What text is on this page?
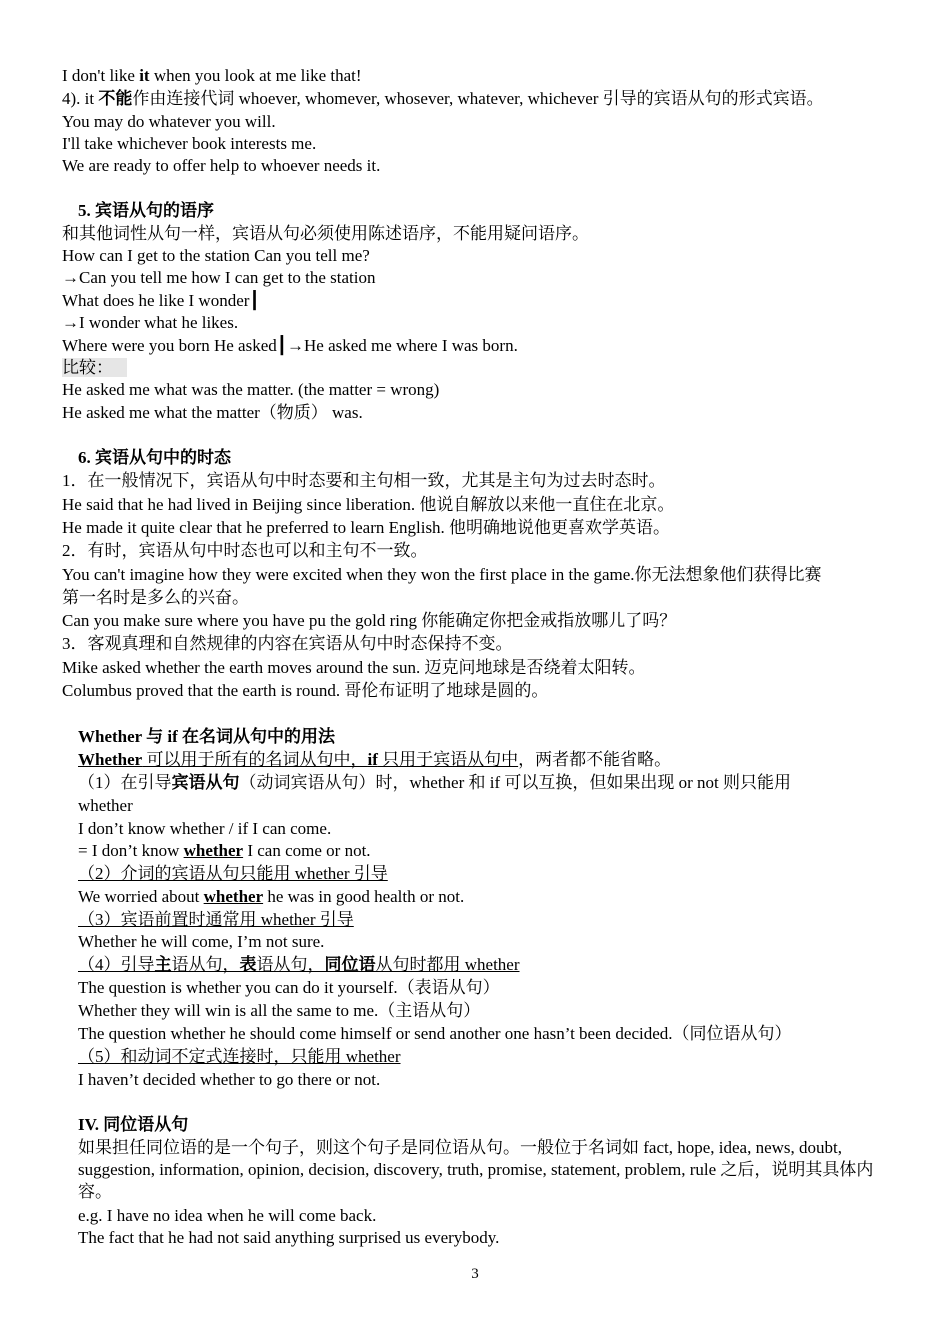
I don't like it when you look at me like that!
4). it 不能作由连接代词 whoever, whomever, whosever, whatever, whichever 引导的宾语从句的形式宾语。
You may do whatever you will.
I'll take whichever book interests me.
We are ready to offer help to whoever needs it.
5. 宾语从句的语序
和其他词性从句一样，宾语从句必须使用陈述语序，不能用疑问语序。
How can I get to the station Can you tell me?
→Can you tell me how I can get to the station
What does he like I wonder┃
→I wonder what he likes.
Where were you born He asked┃→He asked me where I was born.
比较：
He asked me what was the matter. (the matter = wrong)
He asked me what the matter（物质） was.
6. 宾语从句中的时态
1．在一般情况下，宾语从句中时态要和主句相一致，尤其是主句为过去时态时。
He said that he had lived in Beijing since liberation. 他说自解放以来他一直住在北京。
He made it quite clear that he preferred to learn English. 他明确地说他更喜欢学英语。
2．有时，宾语从句中时态也可以和主句不一致。
You can't imagine how they were excited when they won the first place in the game.你无法想象他们获得比赛
第一名时是多么的兴奋。
Can you make sure where you have pu the gold ring 你能确定你把金戒指放哪儿了吗？
3．客观真理和自然规律的内容在宾语从句中时态保持不变。
Mike asked whether the earth moves around the sun. 迈克问地球是否绕着太阳转。
Columbus proved that the earth is round. 哥伦布证明了地球是圆的。
Whether 与 if 在名词从句中的用法
Whether 可以用于所有的名词从句中，if 只用于宾语从句中，两者都不能省略。
（1）在引导宾语从句（动词宾语从句）时，whether 和 if 可以互换，但如果出现 or not 则只能用
whether
I don’t know whether / if I can come.
= I don’t know whether I can come or not.
（2）介词的宾语从句只能用 whether 引导
We worried about whether he was in good health or not.
（3）宾语前置时通常用 whether 引导
Whether he will come, I’m not sure.
（4）引导主语从句，表语从句，同位语从句时都用 whether
The question is whether you can do it yourself.（表语从句）
Whether they will win is all the same to me.（主语从句）
The question whether he should come himself or send another one hasn’t been decided.（同位语从句）
（5）和动词不定式连接时，只能用 whether
I haven’t decided whether to go there or not.
IV. 同位语从句
如果担任同位语的是一个句子，则这个句子是同位语从句。一般位于名词如 fact, hope, idea, news, doubt, suggestion, information, opinion, decision, discovery, truth, promise, statement, problem, rule 之后，说明其具体内容。
e.g. I have no idea when he will come back.
The fact that he had not said anything surprised us everybody.
3
